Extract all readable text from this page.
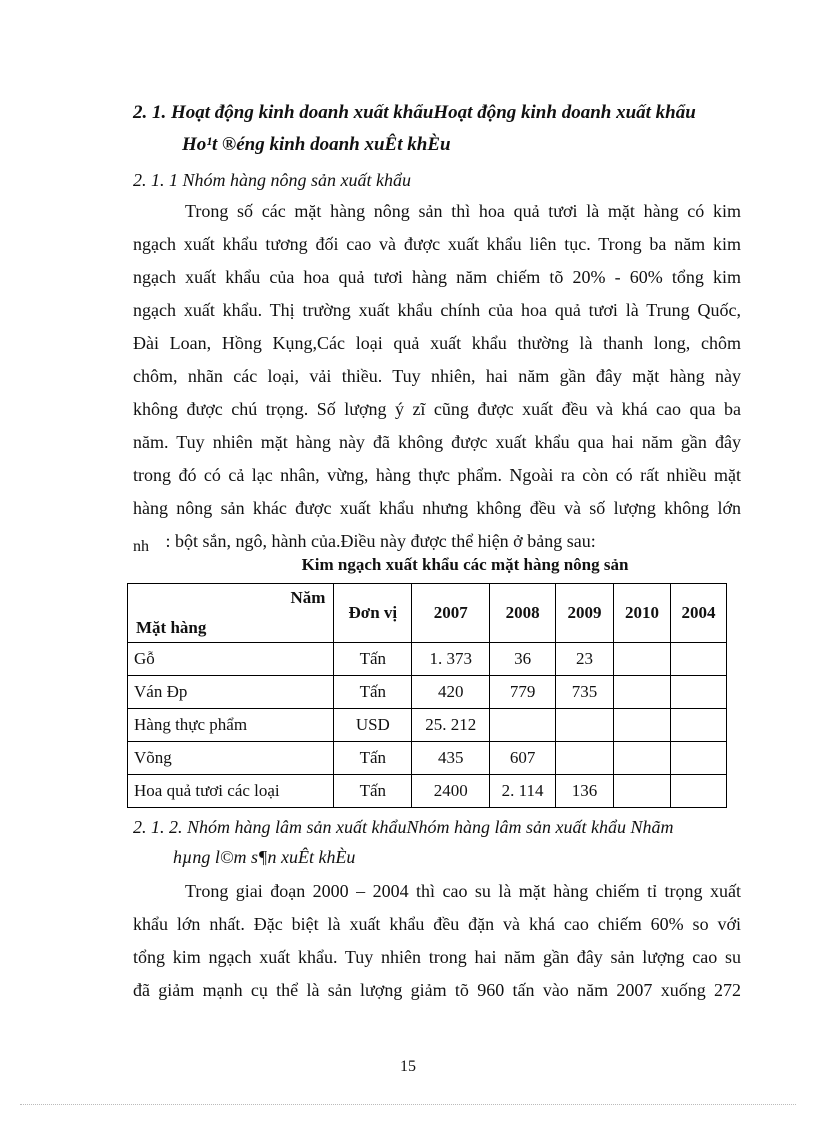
2. 1. Hoạt động kinh doanh xuất khẩuHoạt động kinh doanh xuất khẩu
Ho¹t ®éng kinh doanh xuÊt khÈu
2. 1. 1 Nhóm hàng nông sản xuất khẩu
Trong số các mặt hàng nông sản thì hoa quả tươi là mặt hàng có kim
ngạch xuất khẩu tương đối cao và được xuất khẩu liên tục. Trong ba năm kim
ngạch xuất khẩu của hoa quả tươi hàng năm chiếm tõ 20% - 60% tổng kim
ngạch xuất khẩu. Thị trường xuất khẩu chính của hoa quả tươi là Trung Quốc,
Đài Loan, Hồng Kụng,Các loại quả xuất khẩu thường là thanh long, chôm
chôm, nhãn các loại, vải thiều. Tuy nhiên, hai năm gần đây mặt hàng này
không được chú trọng. Số lượng ý zĩ cũng được xuất đều và khá cao qua ba
năm. Tuy nhiên mặt hàng này đã không được xuất khẩu qua hai năm gần đây
trong đó có cả lạc nhân, vừng, hàng thực phẩm. Ngoài ra còn có rất nhiều mặt
hàng nông sản khác được xuất khẩu nhưng không đều và số lượng không lớn
nh : bột sắn, ngô, hành của.Điều này được thể hiện ở bảng sau:
Kim ngạch xuất khẩu các mặt hàng nông sản
Năm
Mặt hàng	Đơn vị	2007	2008	2009	2010	2004
Gỗ	Tấn	1. 373	36	23		
Ván Đp	Tấn	420	779	735		
Hàng thực phẩm	USD	25. 212				
Võng	Tấn	435	607			
Hoa quả tươi các loại	Tấn	2400	2. 114	136		
2. 1. 2. Nhóm hàng lâm sản xuất khẩuNhóm hàng lâm sản xuất khẩu Nhãm
hµng l©m s¶n xuÊt khÈu
Trong giai đoạn 2000 – 2004 thì cao su là mặt hàng chiếm tỉ trọng xuất
khẩu lớn nhất. Đặc biệt là xuất khẩu đều đặn và khá cao chiếm 60% so với
tổng kim ngạch xuất khẩu. Tuy nhiên trong hai năm gần đây sản lượng cao su
đã giảm mạnh cụ thể là sản lượng giảm tõ 960 tấn vào năm 2007 xuống 272
15
